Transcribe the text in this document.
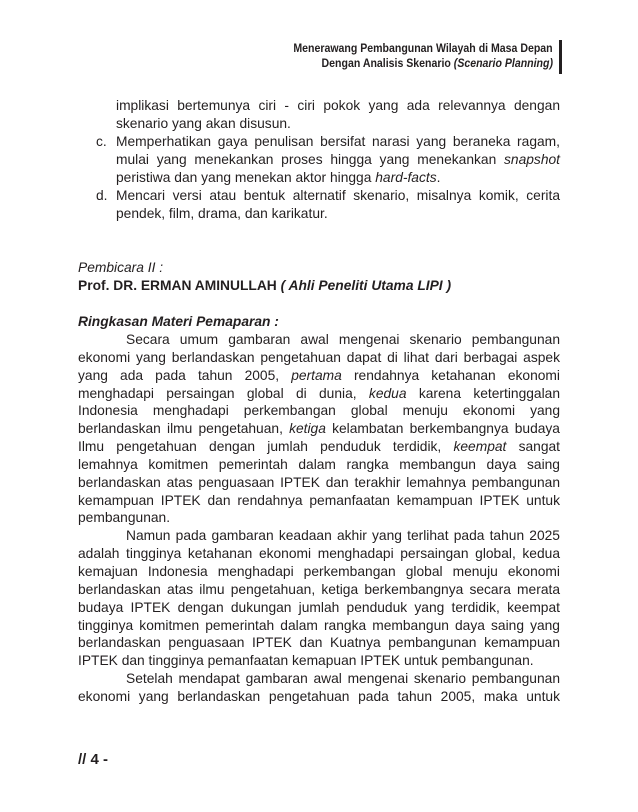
Menerawang Pembangunan Wilayah di Masa Depan
Dengan Analisis Skenario (Scenario Planning)
implikasi bertemunya ciri - ciri pokok yang ada relevannya dengan
skenario yang akan disusun.
c. Memperhatikan gaya penulisan bersifat narasi yang beraneka ragam,
mulai yang menekankan proses hingga yang menekankan snapshot
peristiwa dan yang menekan aktor hingga hard-facts.
d. Mencari versi atau bentuk alternatif skenario, misalnya komik, cerita
pendek, film, drama, dan karikatur.
Pembicara II :
Prof. DR. ERMAN AMINULLAH ( Ahli Peneliti Utama LIPI )
Ringkasan Materi Pemaparan :
Secara umum gambaran awal mengenai skenario pembangunan
ekonomi yang berlandaskan pengetahuan dapat di lihat dari berbagai aspek
yang ada pada tahun 2005, pertama rendahnya ketahanan ekonomi
menghadapi persaingan global di dunia, kedua karena ketertinggalan
Indonesia menghadapi perkembangan global menuju ekonomi yang
berlandaskan ilmu pengetahuan, ketiga kelambatan berkembangnya budaya
Ilmu pengetahuan dengan jumlah penduduk terdidik, keempat sangat
lemahnya komitmen pemerintah dalam rangka membangun daya saing
berlandaskan atas penguasaan IPTEK dan terakhir lemahnya pembangunan
kemampuan IPTEK dan rendahnya pemanfaatan kemampuan IPTEK untuk
pembangunan.
Namun pada gambaran keadaan akhir yang terlihat pada tahun 2025
adalah tingginya ketahanan ekonomi menghadapi persaingan global, kedua
kemajuan Indonesia menghadapi perkembangan global menuju ekonomi
berlandaskan atas ilmu pengetahuan, ketiga berkembangnya secara merata
budaya IPTEK dengan dukungan jumlah penduduk yang terdidik, keempat
tingginya komitmen pemerintah dalam rangka membangun daya saing yang
berlandaskan penguasaan IPTEK dan Kuatnya pembangunan kemampuan
IPTEK dan tingginya pemanfaatan kemapuan IPTEK untuk pembangunan.
Setelah mendapat gambaran awal mengenai skenario pembangunan
ekonomi yang berlandaskan pengetahuan pada tahun 2005, maka untuk
// 4 -
